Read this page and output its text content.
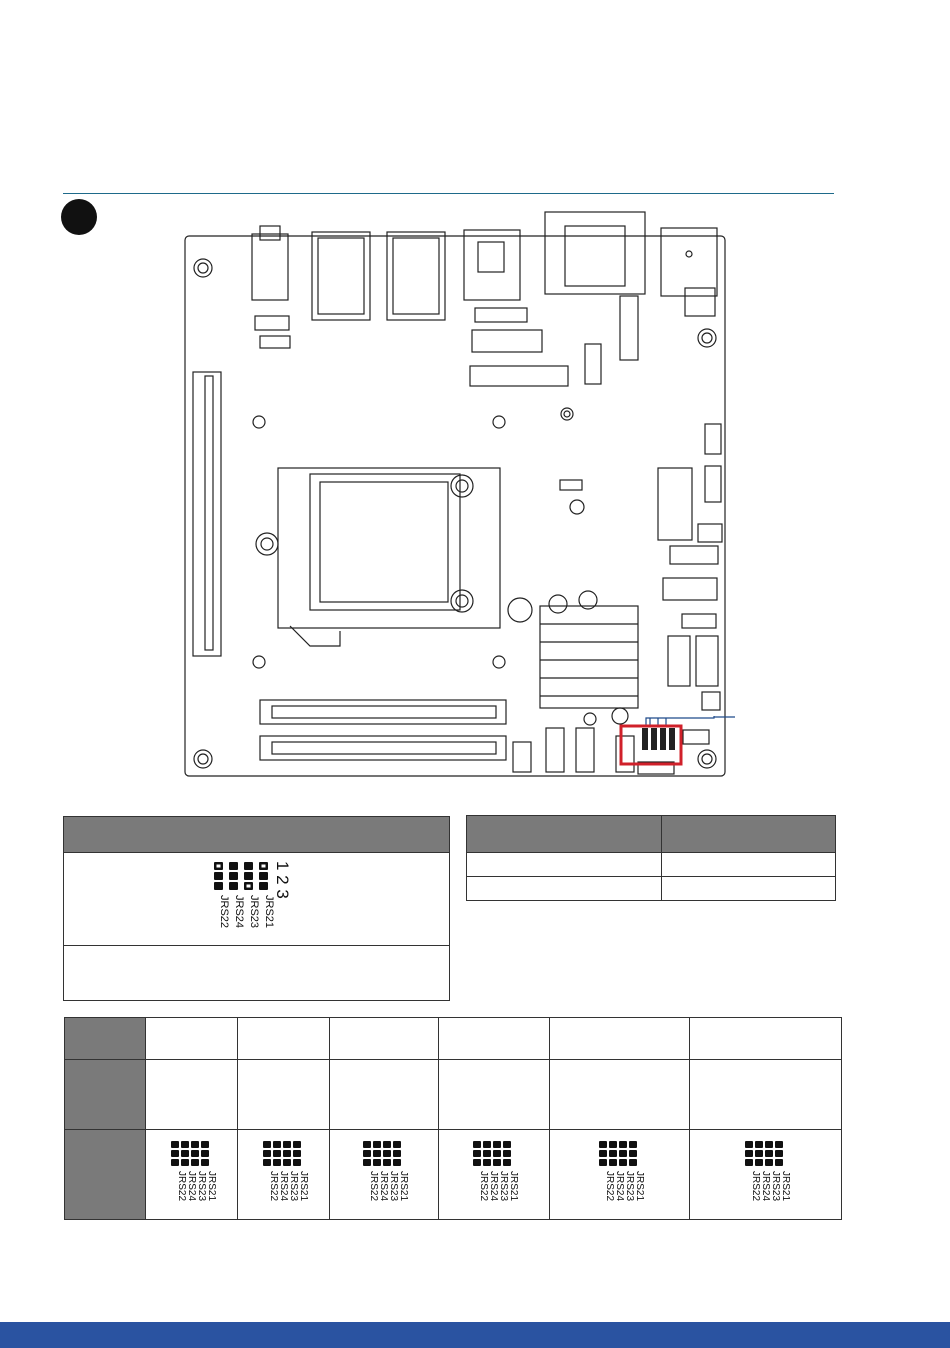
1 2 3
JRS21
JRS23
JRS24
JRS22

JRS21
JRS23
JRS24
JRS22	JRS21
JRS23
JRS24
JRS22	JRS21
JRS23
JRS24
JRS22	JRS21
JRS23
JRS24
JRS22	JRS21
JRS23
JRS24
JRS22	JRS21
JRS23
JRS24
JRS22
